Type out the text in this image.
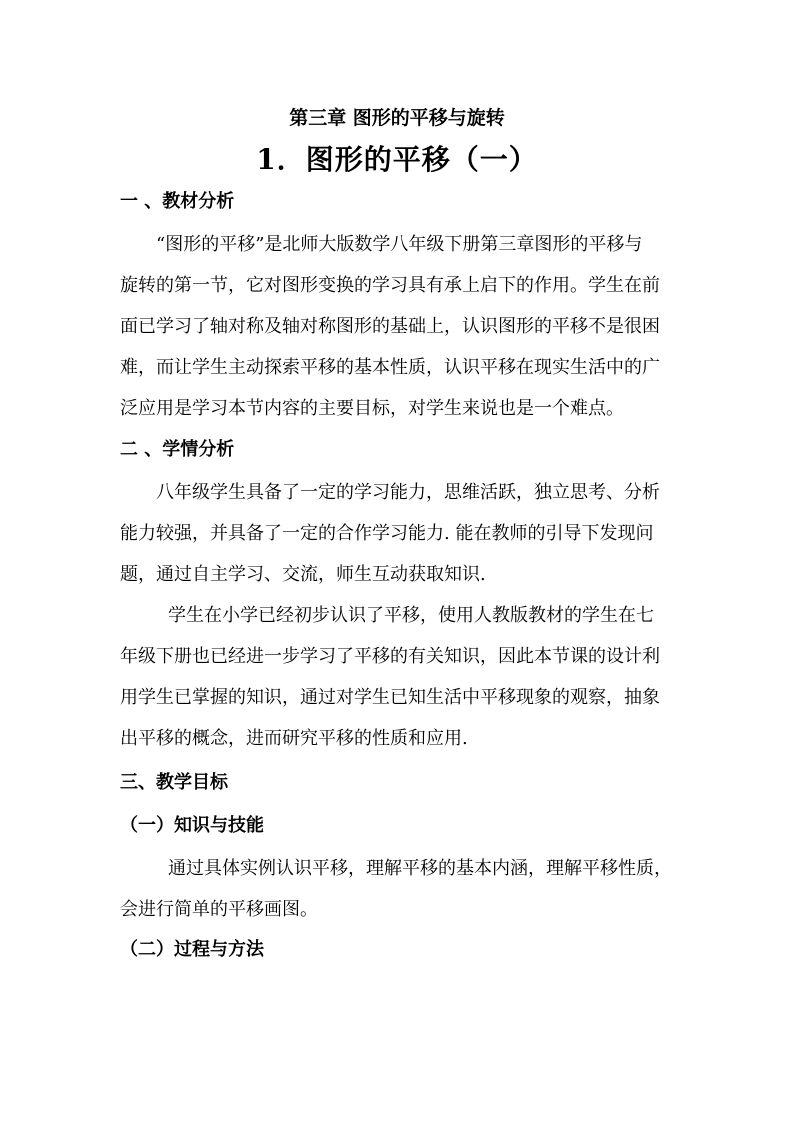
第三章 图形的平移与旋转
1．图形的平移（一）
一 、教材分析
“图形的平移”是北师大版数学八年级下册第三章图形的平移与
旋转的第一节，它对图形变换的学习具有承上启下的作用。学生在前
面已学习了轴对称及轴对称图形的基础上，认识图形的平移不是很困
难，而让学生主动探索平移的基本性质，认识平移在现实生活中的广
泛应用是学习本节内容的主要目标，对学生来说也是一个难点。
二 、学情分析
八年级学生具备了一定的学习能力，思维活跃，独立思考、分析
能力较强，并具备了一定的合作学习能力. 能在教师的引导下发现问
题，通过自主学习、交流，师生互动获取知识.
学生在小学已经初步认识了平移，使用人教版教材的学生在七
年级下册也已经进一步学习了平移的有关知识，因此本节课的设计利
用学生已掌握的知识，通过对学生已知生活中平移现象的观察，抽象
出平移的概念，进而研究平移的性质和应用.
三、教学目标
（一）知识与技能
通过具体实例认识平移，理解平移的基本内涵，理解平移性质，
会进行简单的平移画图。
（二）过程与方法
